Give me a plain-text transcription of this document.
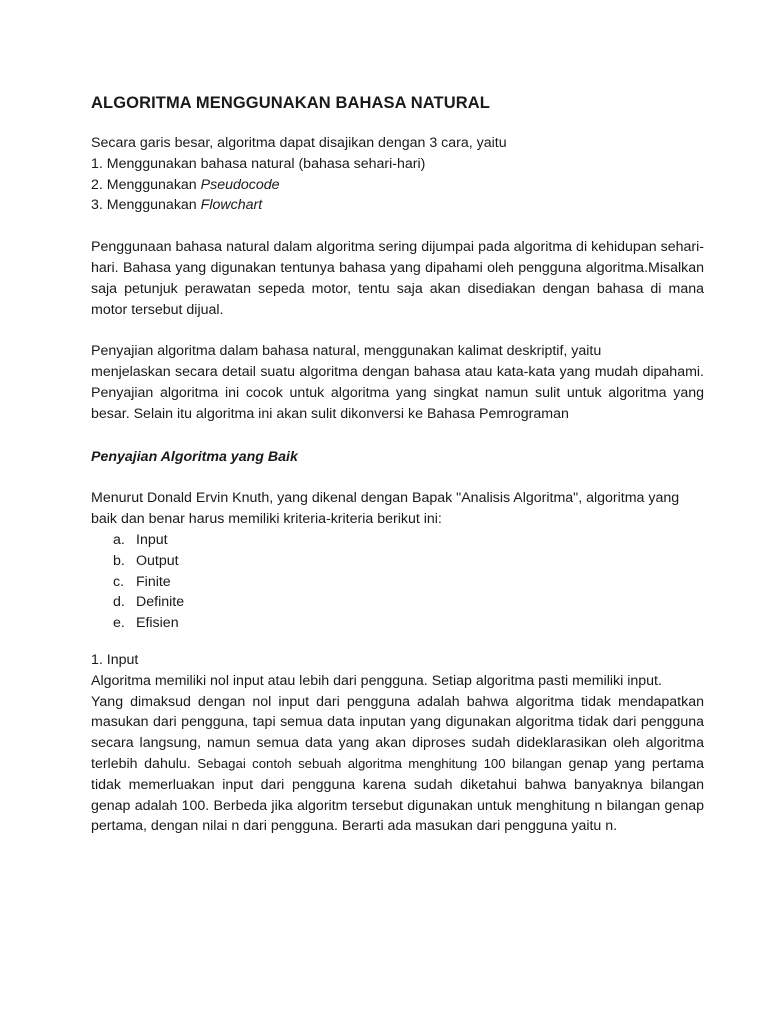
ALGORITMA MENGGUNAKAN BAHASA NATURAL
Secara garis besar, algoritma dapat disajikan dengan 3 cara, yaitu
1. Menggunakan bahasa natural (bahasa sehari-hari)
2. Menggunakan Pseudocode
3. Menggunakan Flowchart

Penggunaan bahasa natural dalam algoritma sering dijumpai pada algoritma di kehidupan sehari-hari. Bahasa yang digunakan tentunya bahasa yang dipahami oleh pengguna algoritma.Misalkan saja petunjuk perawatan sepeda motor, tentu saja akan disediakan dengan bahasa di mana motor tersebut dijual.

Penyajian algoritma dalam bahasa natural, menggunakan kalimat deskriptif, yaitu
menjelaskan secara detail suatu algoritma dengan bahasa atau kata-kata yang mudah dipahami. Penyajian algoritma ini cocok untuk algoritma yang singkat namun sulit untuk algoritma yang besar. Selain itu algoritma ini akan sulit dikonversi ke Bahasa Pemrograman
Penyajian Algoritma yang Baik

Menurut Donald Ervin Knuth, yang dikenal dengan Bapak "Analisis Algoritma", algoritma yang baik dan benar harus memiliki kriteria-kriteria berikut ini:

a. Input
b. Output
c. Finite
d. Definite
e. Efisien
1. Input
Algoritma memiliki nol input atau lebih dari pengguna. Setiap algoritma pasti memiliki input.
Yang dimaksud dengan nol input dari pengguna adalah bahwa algoritma tidak mendapatkan masukan dari pengguna, tapi semua data inputan yang digunakan algoritma tidak dari pengguna secara langsung, namun semua data yang akan diproses sudah dideklarasikan oleh algoritma terlebih dahulu. Sebagai contoh sebuah algoritma menghitung 100 bilangan genap yang pertama tidak memerluakan input dari pengguna karena sudah diketahui bahwa banyaknya bilangan genap adalah 100. Berbeda jika algoritm tersebut digunakan untuk menghitung n bilangan genap pertama, dengan nilai n dari pengguna. Berarti ada masukan dari pengguna yaitu n.
